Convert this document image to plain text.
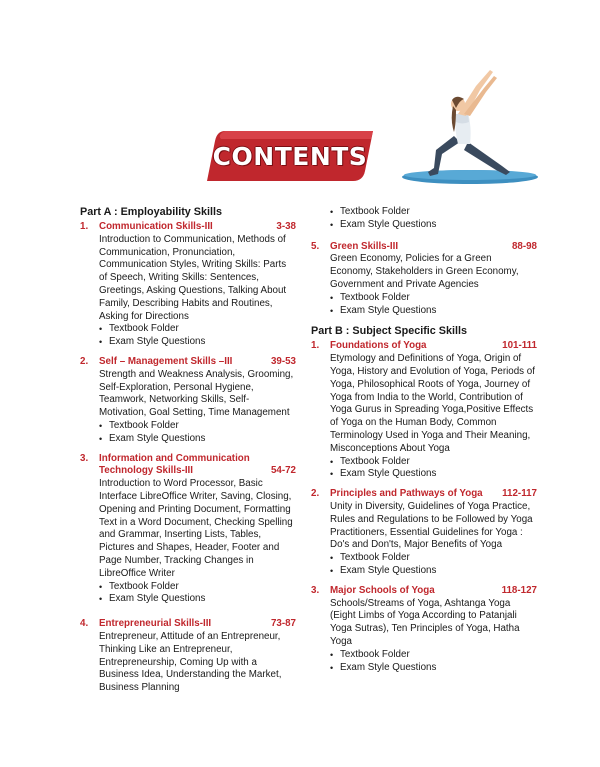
CONTENTS
Part A : Employability Skills
1.	Communication Skills-III	3-38
Introduction to Communication, Methods of Communication, Pronunciation, Communication Styles, Writing Skills: Parts of Speech, Writing Skills: Sentences, Greetings, Asking Questions, Talking About Family, Describing Habits and Routines, Asking for Directions
• Textbook Folder
• Exam Style Questions
2.	Self – Management Skills –III	39-53
Strength and Weakness Analysis, Grooming, Self-Exploration, Personal Hygiene, Teamwork, Networking Skills, Self-Motivation, Goal Setting, Time Management
• Textbook Folder
• Exam Style Questions
3.	Information and Communication
Technology Skills-III	54-72
Introduction to Word Processor, Basic Interface LibreOffice Writer, Saving, Closing, Opening and Printing Document, Formatting Text in a Word Document, Checking Spelling and Grammar, Inserting Lists, Tables, Pictures and Shapes, Header, Footer and Page Number, Tracking Changes in LibreOffice Writer
• Textbook Folder
• Exam Style Questions
4.	Entrepreneurial Skills-III	73-87
Entrepreneur, Attitude of an Entrepreneur, Thinking Like an Entrepreneur, Entrepreneurship, Coming Up with a Business Idea, Understanding the Market, Business Planning
• Textbook Folder
• Exam Style Questions
5.	Green Skills-III	88-98
Green Economy, Policies for a Green Economy, Stakeholders in Green Economy, Government and Private Agencies
• Textbook Folder
• Exam Style Questions
Part B : Subject Specific Skills
1.	Foundations of Yoga	101-111
Etymology and Definitions of Yoga, Origin of Yoga, History and Evolution of Yoga, Periods of Yoga, Philosophical Roots of Yoga, Journey of Yoga from India to the World, Contribution of Yoga Gurus in Spreading Yoga,Positive Effects of Yoga on the Human Body, Common Terminology Used in Yoga and Their Meaning, Misconceptions About Yoga
• Textbook Folder
• Exam Style Questions
2.	Principles and Pathways of Yoga	112-117
Unity in Diversity, Guidelines of Yoga Practice, Rules and Regulations to be Followed by Yoga Practitioners, Essential Guidelines for Yoga : Do's and Don'ts, Major Benefits of Yoga
• Textbook Folder
• Exam Style Questions
3.	Major Schools of Yoga	118-127
Schools/Streams of Yoga, Ashtanga Yoga (Eight Limbs of Yoga According to Patanjali Yoga Sutras), Ten Principles of Yoga, Hatha Yoga
• Textbook Folder
• Exam Style Questions
